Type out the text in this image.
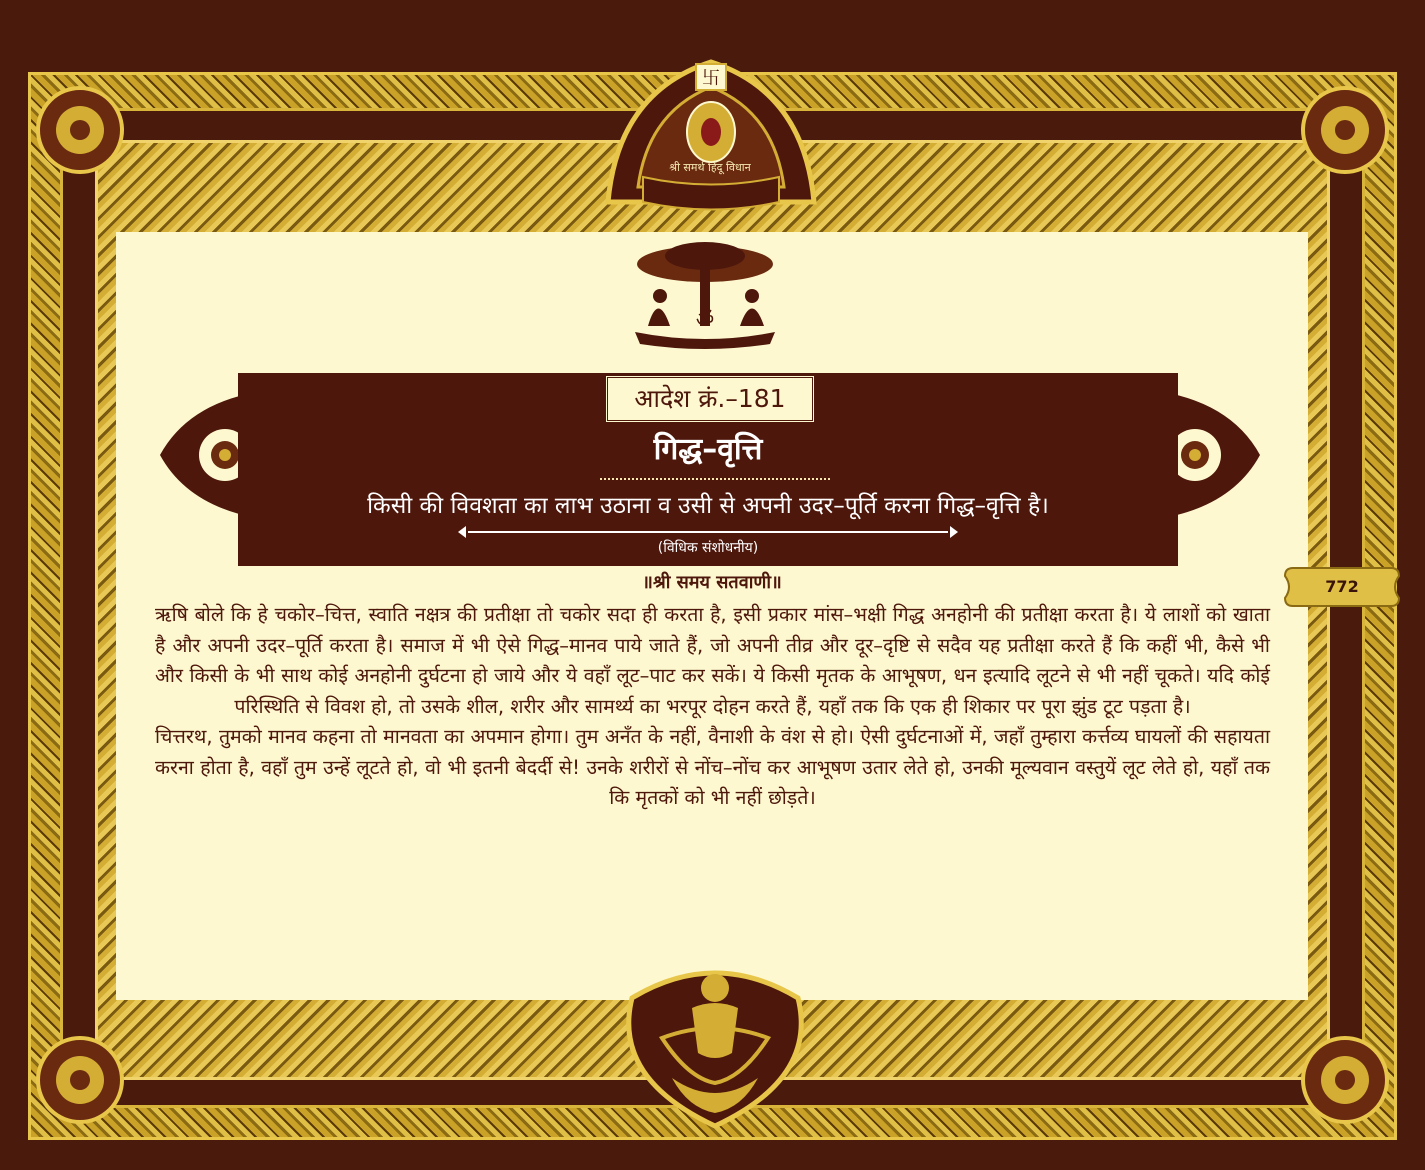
卐
श्री समर्थ हिंदू विधान
ॐ
आदेश क्रं.–181
गिद्ध–वृत्ति
किसी की विवशता का लाभ उठाना व उसी से अपनी उदर–पूर्ति करना गिद्ध–वृत्ति है।
(विधिक संशोधनीय)
॥श्री समय सतवाणी॥

ऋषि बोले कि हे चकोर–चित्त, स्वाति नक्षत्र की प्रतीक्षा तो चकोर सदा ही करता है, इसी प्रकार मांस–भक्षी गिद्ध अनहोनी की प्रतीक्षा करता है। ये लाशों को खाता है और अपनी उदर–पूर्ति करता है। समाज में भी ऐसे गिद्ध–मानव पाये जाते हैं, जो अपनी तीव्र और दूर–दृष्टि से सदैव यह प्रतीक्षा करते हैं कि कहीं भी, कैसे भी और किसी के भी साथ कोई अनहोनी दुर्घटना हो जाये और ये वहाँ लूट–पाट कर सकें। ये किसी मृतक के आभूषण, धन इत्यादि लूटने से भी नहीं चूकते। यदि कोई परिस्थिति से विवश हो, तो उसके शील, शरीर और सामर्थ्य का भरपूर दोहन करते हैं, यहाँ तक कि एक ही शिकार पर पूरा झुंड टूट पड़ता है।

चित्तरथ, तुमको मानव कहना तो मानवता का अपमान होगा। तुम अनँत के नहीं, वैनाशी के वंश से हो। ऐसी दुर्घटनाओं में, जहाँ तुम्हारा कर्त्तव्य घायलों की सहायता करना होता है, वहाँ तुम उन्हें लूटते हो, वो भी इतनी बेदर्दी से! उनके शरीरों से नोंच–नोंच कर आभूषण उतार लेते हो, उनकी मूल्यवान वस्तुयें लूट लेते हो, यहाँ तक कि मृतकों को भी नहीं छोड़ते।

772
